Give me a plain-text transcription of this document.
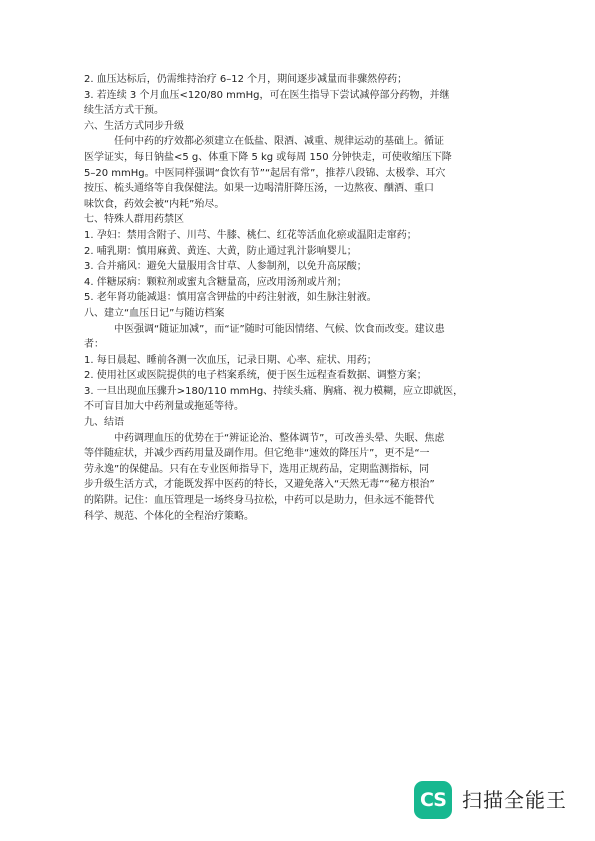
2. 血压达标后，仍需维持治疗 6–12 个月，期间逐步减量而非骤然停药；

3. 若连续 3 个月血压<120/80 mmHg，可在医生指导下尝试减停部分药物，并继

续生活方式干预。

六、生活方式同步升级

任何中药的疗效都必须建立在低盐、限酒、减重、规律运动的基础上。循证

医学证实，每日钠盐<5 g、体重下降 5 kg 或每周 150 分钟快走，可使收缩压下降

5–20 mmHg。中医同样强调“食饮有节”“起居有常”，推荐八段锦、太极拳、耳穴

按压、梳头通络等自我保健法。如果一边喝清肝降压汤，一边熬夜、酗酒、重口

味饮食，药效会被“内耗”殆尽。

七、特殊人群用药禁区

1. 孕妇：禁用含附子、川芎、牛膝、桃仁、红花等活血化瘀或温阳走窜药；

2. 哺乳期：慎用麻黄、黄连、大黄，防止通过乳汁影响婴儿；

3. 合并痛风：避免大量服用含甘草、人参制剂，以免升高尿酸；

4. 伴糖尿病：颗粒剂或蜜丸含糖量高，应改用汤剂或片剂；

5. 老年肾功能减退：慎用富含钾盐的中药注射液，如生脉注射液。

八、建立“血压日记”与随访档案

中医强调“随证加减”，而“证”随时可能因情绪、气候、饮食而改变。建议患

者：

1. 每日晨起、睡前各测一次血压，记录日期、心率、症状、用药；

2. 使用社区或医院提供的电子档案系统，便于医生远程查看数据、调整方案；

3. 一旦出现血压骤升>180/110 mmHg、持续头痛、胸痛、视力模糊，应立即就医，

不可盲目加大中药剂量或拖延等待。

九、结语

中药调理血压的优势在于“辨证论治、整体调节”，可改善头晕、失眠、焦虑

等伴随症状，并减少西药用量及副作用。但它绝非“速效的降压片”，更不是“一

劳永逸”的保健品。只有在专业医师指导下，选用正规药品，定期监测指标，同

步升级生活方式，才能既发挥中医药的特长，又避免落入“天然无毒”“秘方根治”

的陷阱。记住：血压管理是一场终身马拉松，中药可以是助力，但永远不能替代

科学、规范、个体化的全程治疗策略。

CS 扫描全能王
